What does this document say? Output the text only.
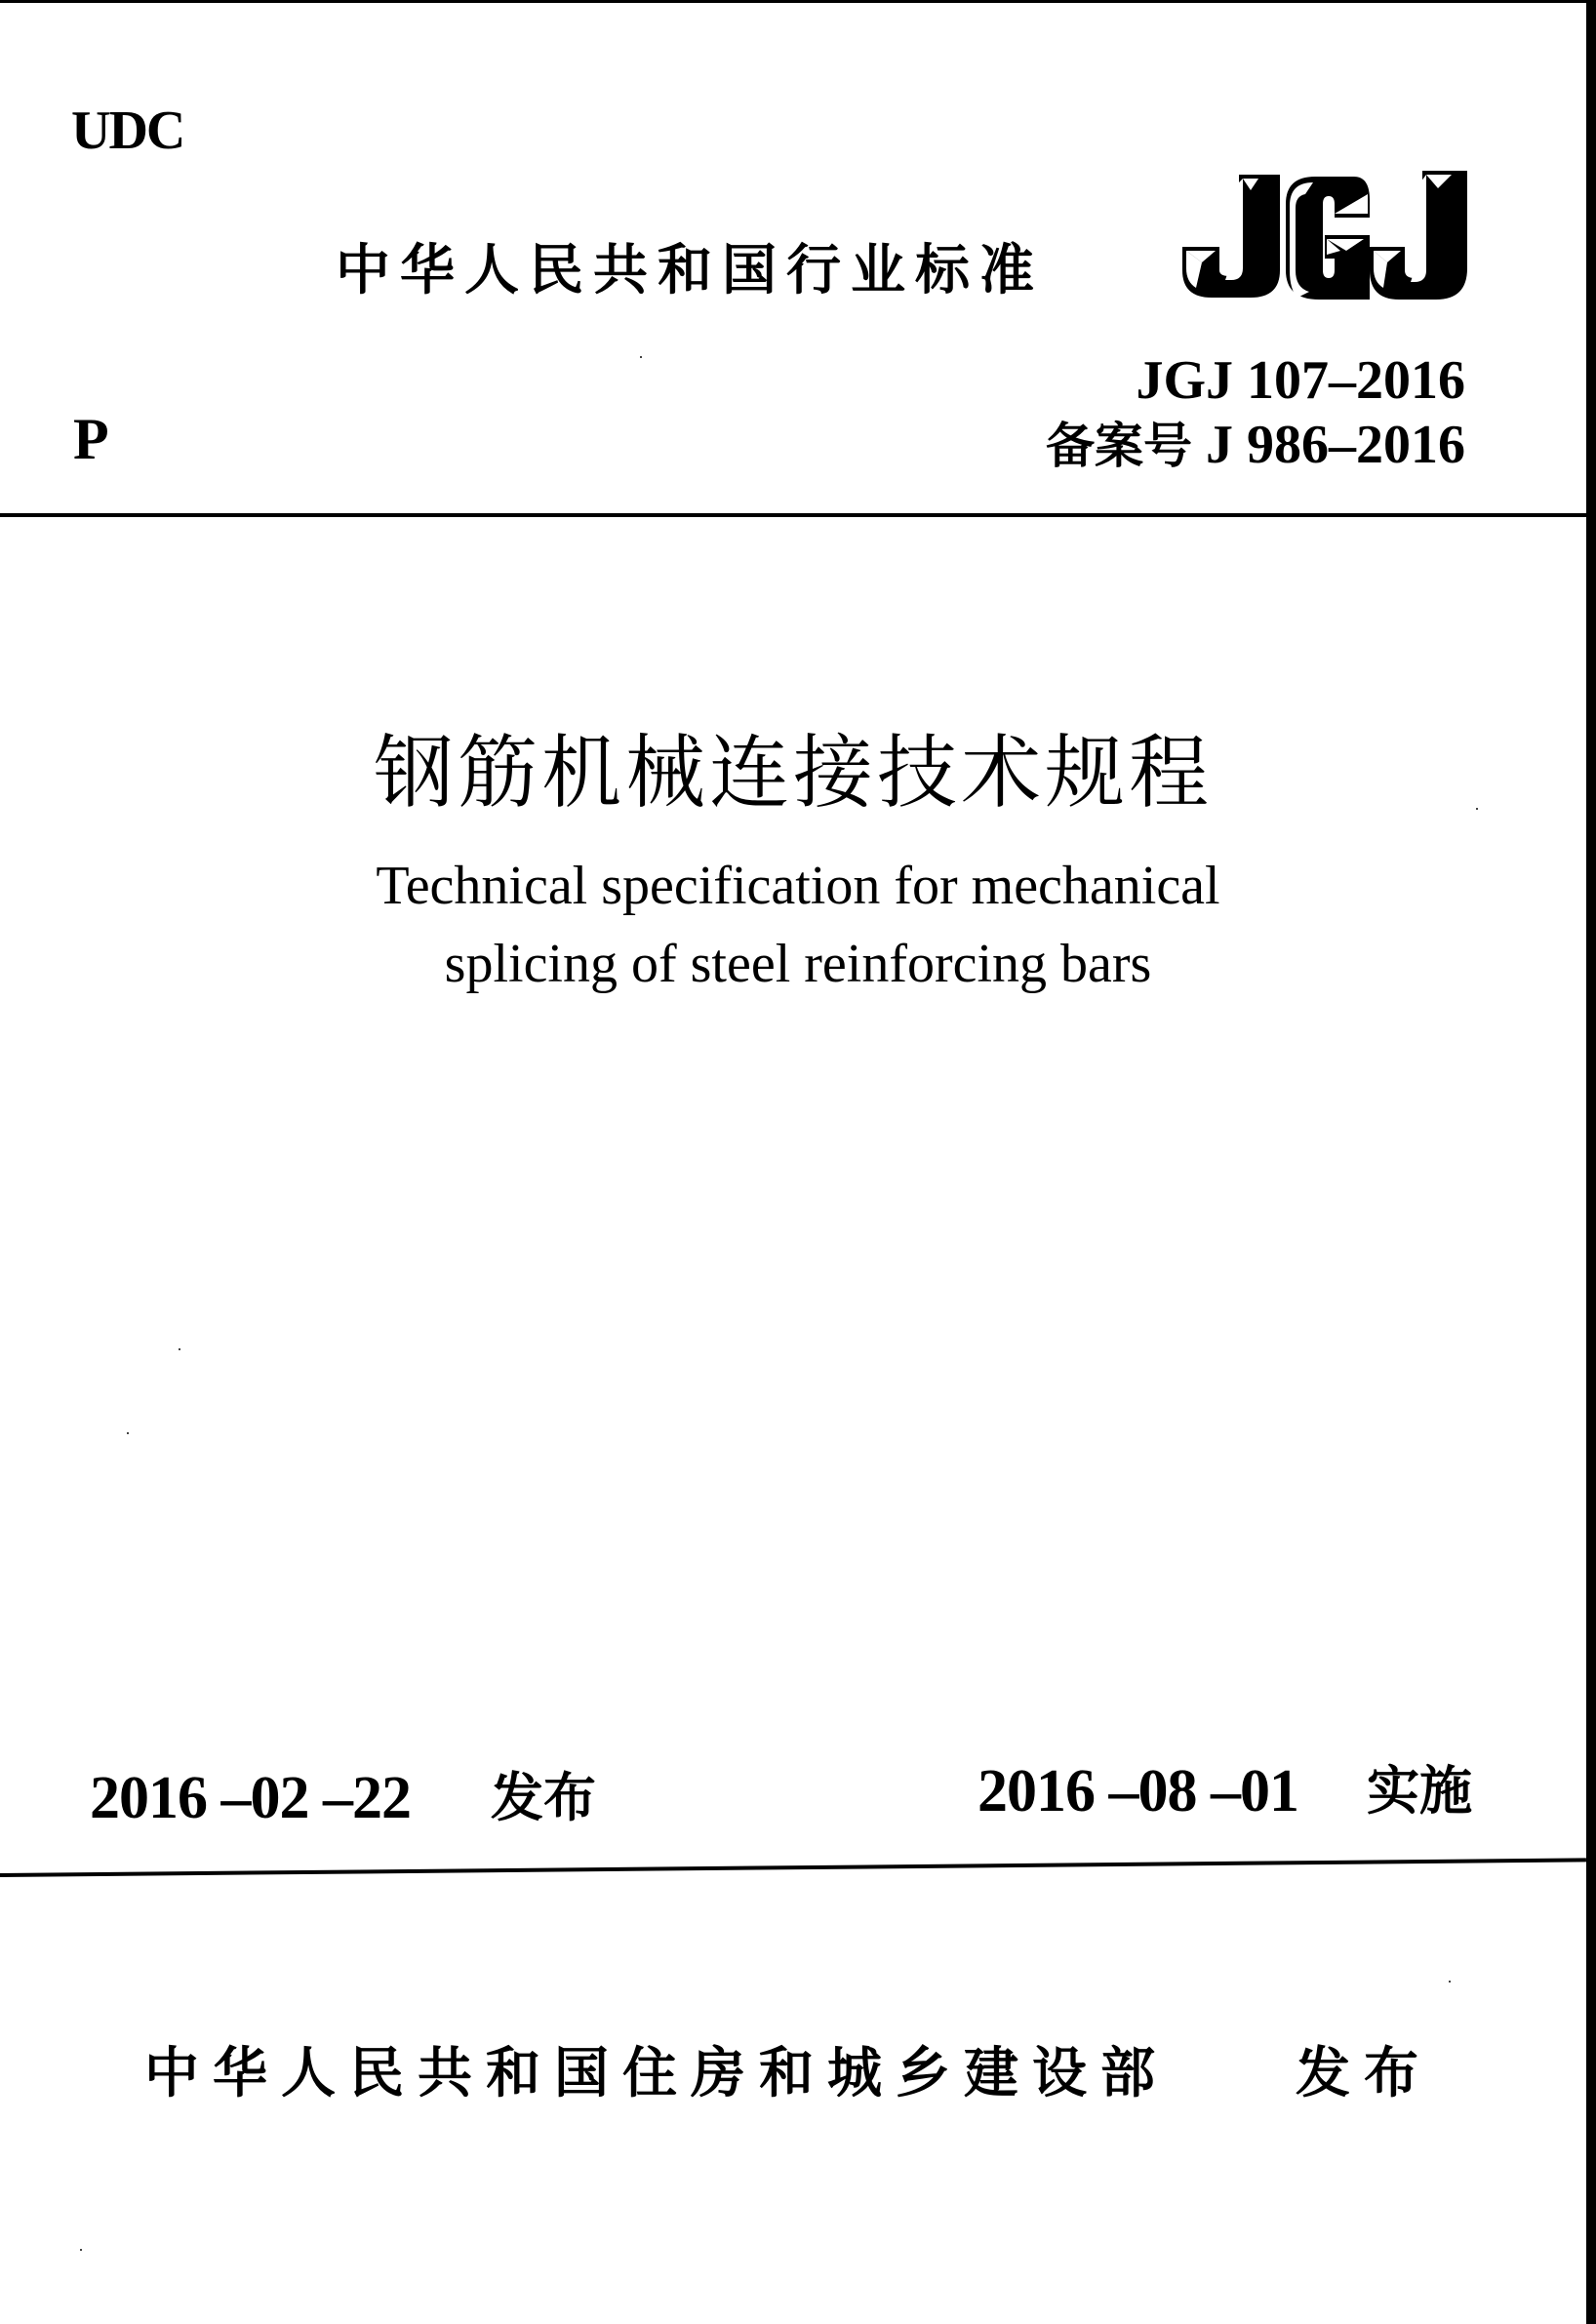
UDC
中华人民共和国行业标准
JGJ 107–2016
备案号 J 986–2016
P
钢筋机械连接技术规程
Technical specification for mechanical
splicing of steel reinforcing bars
2016 –02 –22 发布	2016 –08 –01 实施
中华人民共和国住房和城乡建设部 发布
